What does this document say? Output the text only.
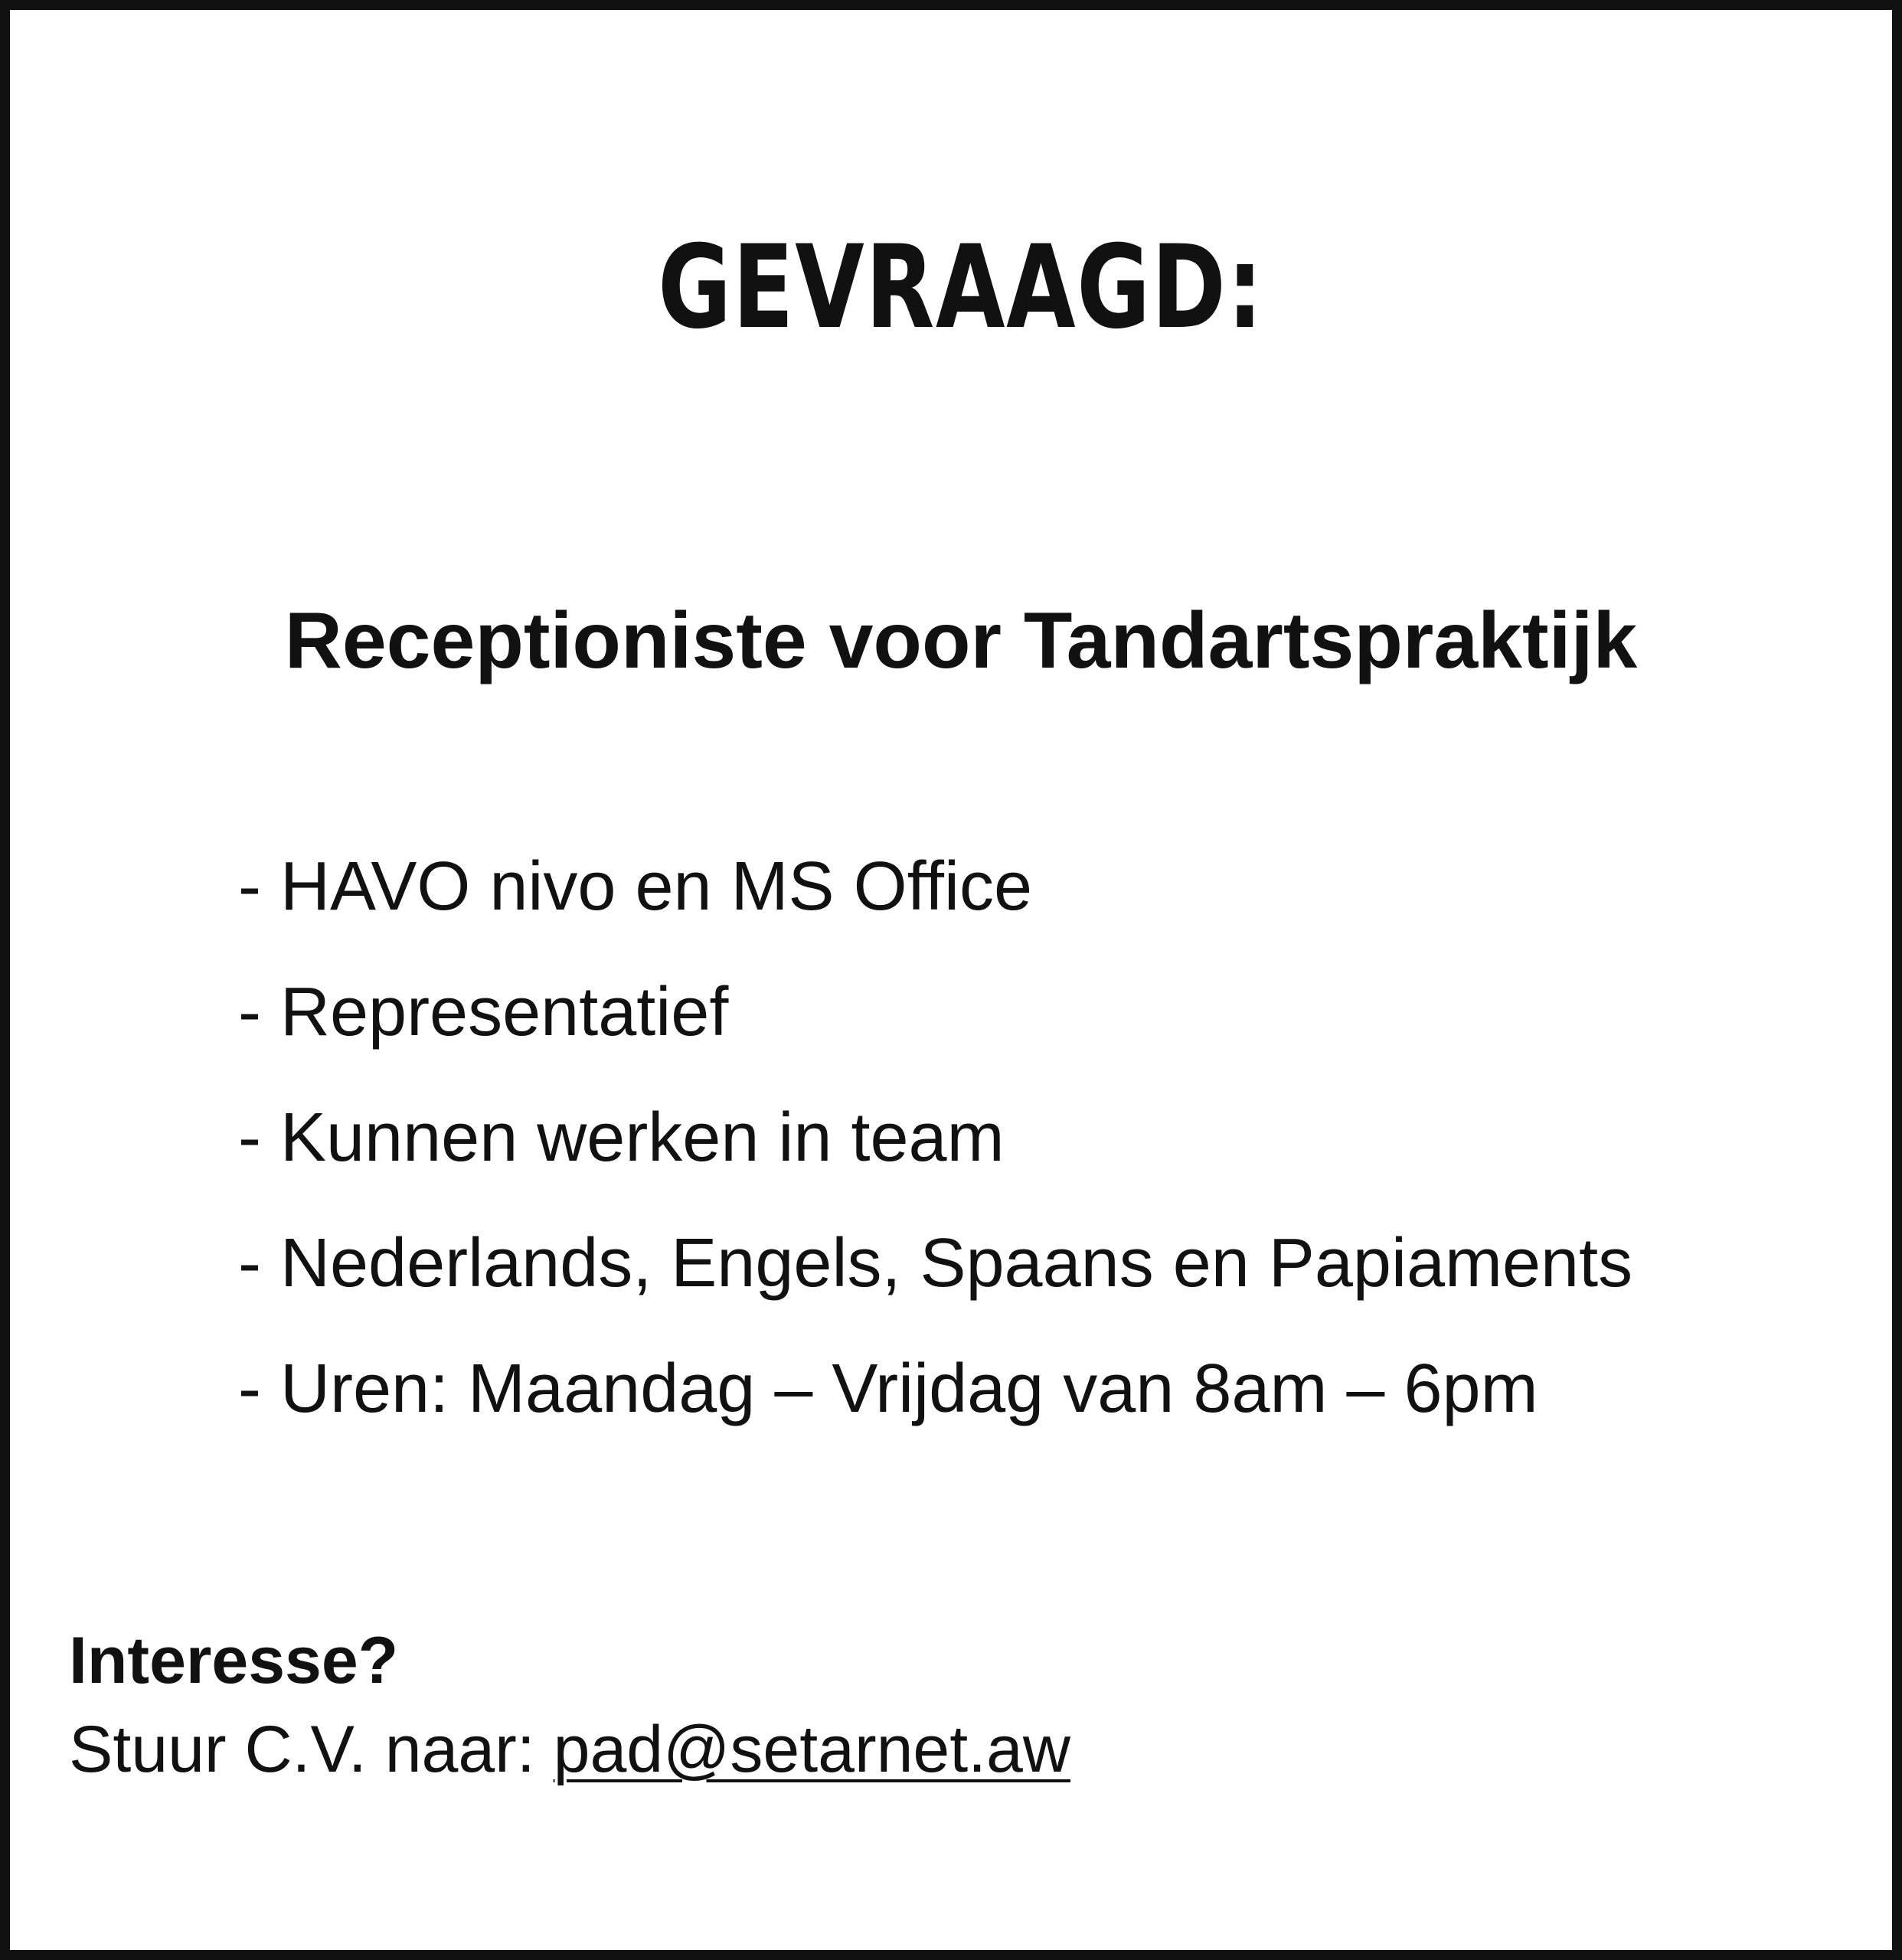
GEVRAAGD:
Receptioniste voor Tandartspraktijk
- HAVO nivo en MS Office
- Representatief
- Kunnen werken in team
- Nederlands, Engels, Spaans en Papiaments
- Uren: Maandag – Vrijdag van 8am – 6pm
Interesse?
Stuur C.V. naar: pad@setarnet.aw
